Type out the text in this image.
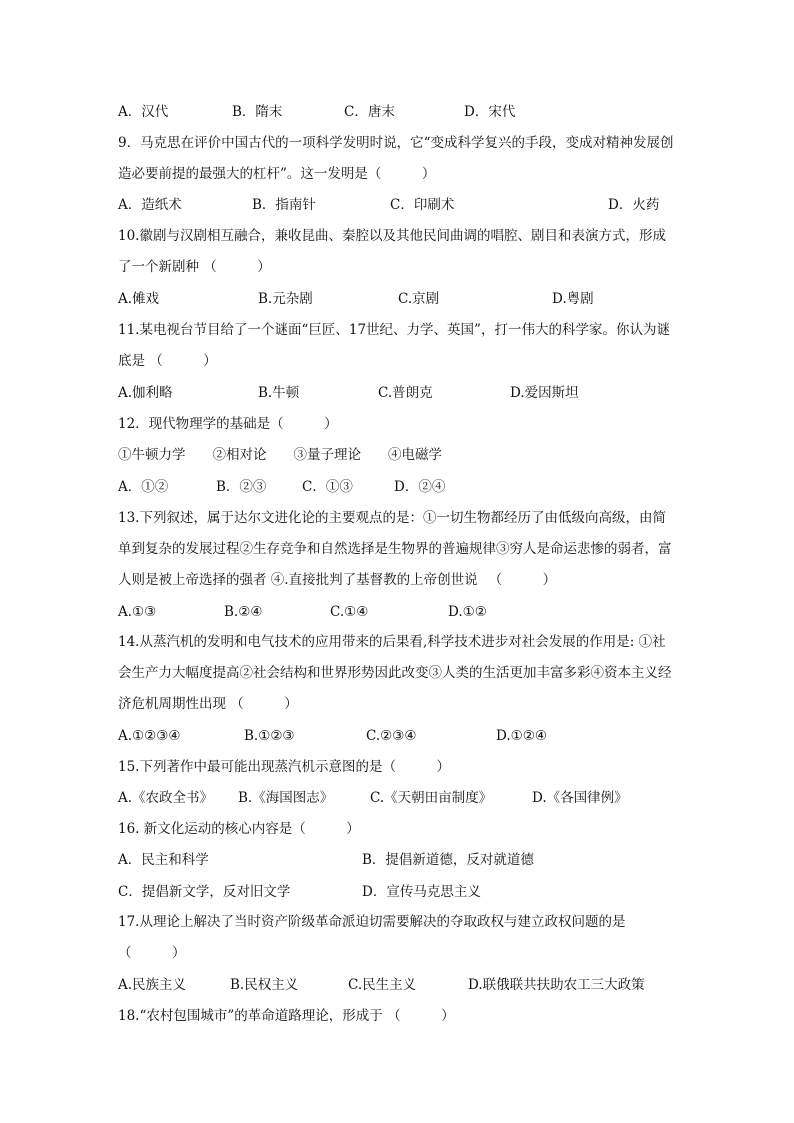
A．汉代	B．隋末	C．唐末	D．宋代
9．马克思在评价中国古代的一项科学发明时说，它“变成科学复兴的手段，变成对精神发展创造必要前提的最强大的杠杆”。这一发明是（　　　）
A．造纸术	B．指南针	C．印刷术	D．火药
10.徽剧与汉剧相互融合，兼收昆曲、秦腔以及其他民间曲调的唱腔、剧目和表演方式，形成了一个新剧种 （　　　）
A.傩戏	B.元杂剧	C.京剧	D.粤剧
11.某电视台节目给了一个谜面“巨匠、17世纪、力学、英国”，打一伟大的科学家。你认为谜底是 （　　　）
A.伽利略	B.牛顿	C.普朗克	D.爱因斯坦
12．现代物理学的基础是（　　　）
①牛顿力学　　②相对论　　③量子理论　　④电磁学
A．①②	B．②③	C．①③	D．②④
13.下列叙述，属于达尔文进化论的主要观点的是：①一切生物都经历了由低级向高级，由简单到复杂的发展过程②生存竞争和自然选择是生物界的普遍规律③穷人是命运悲惨的弱者，富人则是被上帝选择的强者 ④.直接批判了基督教的上帝创世说 　（　　　）
A.①③	B.②④	C.①④	D.①②
14.从蒸汽机的发明和电气技术的应用带来的后果看,科学技术进步对社会发展的作用是: ①社会生产力大幅度提高②社会结构和世界形势因此改变③人类的生活更加丰富多彩④资本主义经济危机周期性出现 （　　　）
A.①②③④	B.①②③	C.②③④	D.①②④
15.下列著作中最可能出现蒸汽机示意图的是（　　　）
A.《农政全书》 B.《海国图志》	C.《天朝田亩制度》	D.《各国律例》
16. 新文化运动的核心内容是（　　　）
A．民主和科学	B．提倡新道德，反对就道德
C．提倡新文学，反对旧文学	D．宣传马克思主义
17.从理论上解决了当时资产阶级革命派迫切需要解决的夺取政权与建立政权问题的是 （　　　）
A.民族主义	B.民权主义	C.民生主义	D.联俄联共扶助农工三大政策
18.“农村包围城市”的革命道路理论，形成于 （　　　）
